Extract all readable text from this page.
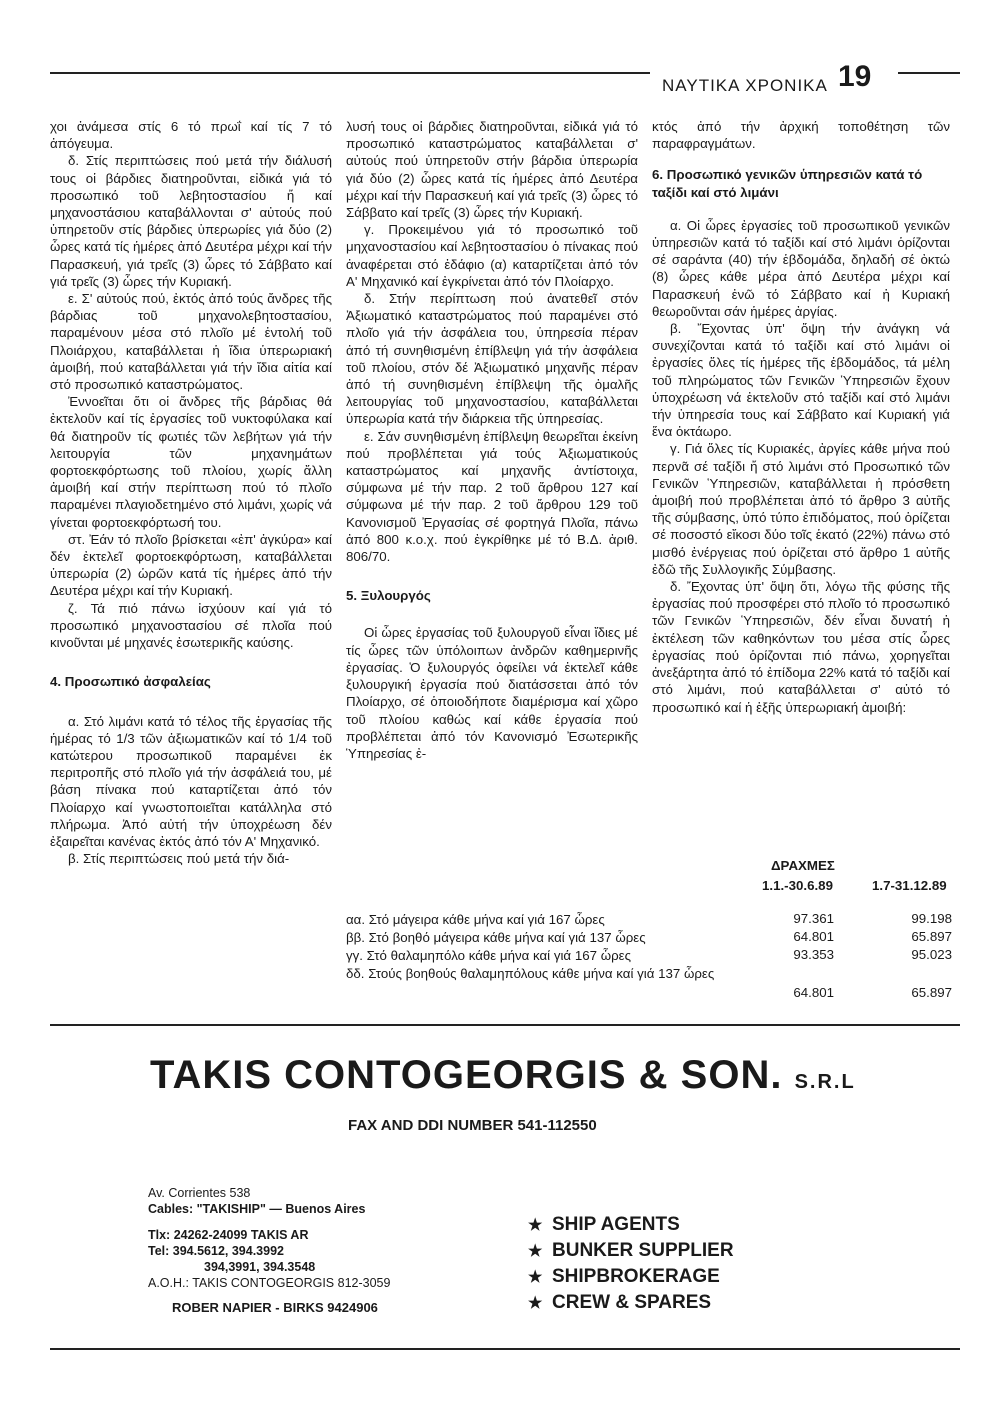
ΝΑΥΤΙΚΑ ΧΡΟΝΙΚΑ 19

χοι ἀνάμεσα στίς 6 τό πρωΐ καί τίς 7 τό ἀπόγευμα.

δ. Στίς περιπτώσεις πού μετά τήν διάλυσή τους οἱ βάρδιες διατηροῦνται, εἰδικά γιά τό προσωπικό τοῦ λεβητοστασίου ἤ καί μηχανοστάσιου καταβάλλονται σ' αὐτούς πού ὑπηρετοῦν στίς βάρδιες ὑπερωρίες γιά δύο (2) ὧρες κατά τίς ἡμέρες ἀπό Δευτέρα μέχρι καί τήν Παρασκευή, γιά τρεῖς (3) ὧρες τό Σάββατο καί γιά τρεῖς (3) ὧρες τήν Κυριακή.

ε. Σ' αὐτούς πού, ἐκτός ἀπό τούς ἄνδρες τῆς βάρδιας τοῦ μηχανολεβητοστασίου, παραμένουν μέσα στό πλοῖο μέ ἐντολή τοῦ Πλοιάρχου, καταβάλλεται ἡ ἴδια ὑπερωριακή ἀμοιβή, πού καταβάλλεται γιά τήν ἴδια αἰτία καί στό προσωπικό καταστρώματος.

Ἐννοεῖται ὅτι οἱ ἄνδρες τῆς βάρδιας θά ἐκτελοῦν καί τίς ἐργασίες τοῦ νυκτοφύλακα καί θά διατηροῦν τίς φωτιές τῶν λεβήτων γιά τήν λειτουργία τῶν μηχανημάτων φορτοεκφόρτωσης τοῦ πλοίου, χωρίς ἄλλη ἀμοιβή καί στήν περίπτωση πού τό πλοῖο παραμένει πλαγιοδετημένο στό λιμάνι, χωρίς νά γίνεται φορτοεκφόρτωσή του.

στ. Ἐάν τό πλοῖο βρίσκεται «ἐπ' ἀγκύρα» καί δέν ἐκτελεῖ φορτοεκφόρτωση, καταβάλλεται ὑπερωρία (2) ὡρῶν κατά τίς ἡμέρες ἀπό τήν Δευτέρα μέχρι καί τήν Κυριακή.

ζ. Τά πιό πάνω ἰσχύουν καί γιά τό προσωπικό μηχανοστασίου σέ πλοῖα πού κινοῦνται μέ μηχανές ἐσωτερικῆς καύσης.

4. Προσωπικό ἀσφαλείας

α. Στό λιμάνι κατά τό τέλος τῆς ἐργασίας τῆς ἡμέρας τό 1/3 τῶν ἀξιωματικῶν καί τό 1/4 τοῦ κατώτερου προσωπικοῦ παραμένει ἐκ περιτροπῆς στό πλοῖο γιά τήν ἀσφάλειά του, μέ βάση πίνακα πού καταρτίζεται ἀπό τόν Πλοίαρχο καί γνωστοποιεῖται κατάλληλα στό πλήρωμα. Ἀπό αὐτή τήν ὑποχρέωση δέν ἐξαιρεῖται κανένας ἐκτός ἀπό τόν Α' Μηχανικό.

β. Στίς περιπτώσεις πού μετά τήν διά-

λυσή τους οἱ βάρδιες διατηροῦνται, εἰδικά γιά τό προσωπικό καταστρώματος καταβάλλεται σ' αὐτούς πού ὑπηρετοῦν στήν βάρδια ὑπερωρία γιά δύο (2) ὧρες κατά τίς ἡμέρες ἀπό Δευτέρα μέχρι καί τήν Παρασκευή καί γιά τρεῖς (3) ὧρες τό Σάββατο καί τρεῖς (3) ὧρες τήν Κυριακή.

γ. Προκειμένου γιά τό προσωπικό τοῦ μηχανοστασίου καί λεβητοστασίου ὁ πίνακας πού ἀναφέρεται στό ἐδάφιο (α) καταρτίζεται ἀπό τόν Α' Μηχανικό καί ἐγκρίνεται ἀπό τόν Πλοίαρχο.

δ. Στήν περίπτωση πού ἀνατεθεῖ στόν Ἀξιωματικό καταστρώματος πού παραμένει στό πλοῖο γιά τήν ἀσφάλεια του, ὑπηρεσία πέραν ἀπό τή συνηθισμένη ἐπίβλεψη γιά τήν ἀσφάλεια τοῦ πλοίου, στόν δέ Ἀξιωματικό μηχανῆς πέραν ἀπό τή συνηθισμένη ἐπίβλεψη τῆς ὁμαλῆς λειτουργίας τοῦ μηχανοστασίου, καταβάλλεται ὑπερωρία κατά τήν διάρκεια τῆς ὑπηρεσίας.

ε. Σάν συνηθισμένη ἐπίβλεψη θεωρεῖται ἐκείνη πού προβλέπεται γιά τούς Ἀξιωματικούς καταστρώματος καί μηχανῆς ἀντίστοιχα, σύμφωνα μέ τήν παρ. 2 τοῦ ἄρθρου 127 καί σύμφωνα μέ τήν παρ. 2 τοῦ ἄρθρου 129 τοῦ Κανονισμοῦ Ἐργασίας σέ φορτηγά Πλοῖα, πάνω ἀπό 800 κ.ο.χ. πού ἐγκρίθηκε μέ τό Β.Δ. ἀριθ. 806/70.

5. Ξυλουργός

Οἱ ὧρες ἐργασίας τοῦ ξυλουργοῦ εἶναι ἴδιες μέ τίς ὧρες τῶν ὑπόλοιπων ἀνδρῶν καθημερινῆς ἐργασίας. Ὁ ξυλουργός ὀφείλει νά ἐκτελεῖ κάθε ξυλουργική ἐργασία πού διατάσσεται ἀπό τόν Πλοίαρχο, σέ ὁποιοδήποτε διαμέρισμα καί χῶρο τοῦ πλοίου καθώς καί κάθε ἐργασία πού προβλέπεται ἀπό τόν Κανονισμό Ἐσωτερικῆς Ὑπηρεσίας ἐ-

κτός ἀπό τήν ἀρχική τοποθέτηση τῶν παραφραγμάτων.

6. Προσωπικό γενικῶν ὑπηρεσιῶν κατά τό ταξίδι καί στό λιμάνι

α. Οἱ ὧρες ἐργασίες τοῦ προσωπικοῦ γενικῶν ὑπηρεσιῶν κατά τό ταξίδι καί στό λιμάνι ὁρίζονται σέ σαράντα (40) τήν ἑβδομάδα, δηλαδή σέ ὀκτώ (8) ὧρες κάθε μέρα ἀπό Δευτέρα μέχρι καί Παρασκευή ἐνῶ τό Σάββατο καί ἡ Κυριακή θεωροῦνται σάν ἡμέρες ἀργίας.

β. Ἔχοντας ὑπ' ὄψη τήν ἀνάγκη νά συνεχίζονται κατά τό ταξίδι καί στό λιμάνι οἱ ἐργασίες ὅλες τίς ἡμέρες τῆς ἑβδομάδος, τά μέλη τοῦ πληρώματος τῶν Γενικῶν Ὑπηρεσιῶν ἔχουν ὑποχρέωση νά ἐκτελοῦν στό ταξίδι καί στό λιμάνι τήν ὑπηρεσία τους καί Σάββατο καί Κυριακή γιά ἕνα ὀκτάωρο.

γ. Γιά ὅλες τίς Κυριακές, ἀργίες κάθε μήνα πού περνᾶ σέ ταξίδι ἤ στό λιμάνι στό Προσωπικό τῶν Γενικῶν Ὑπηρεσιῶν, καταβάλλεται ἡ πρόσθετη ἀμοιβή πού προβλέπεται ἀπό τό ἄρθρο 3 αὐτῆς τῆς σύμβασης, ὑπό τύπο ἐπιδόματος, πού ὁρίζεται σέ ποσοστό εἴκοσι δύο τοῖς ἑκατό (22%) πάνω στό μισθό ἐνέργειας πού ὁρίζεται στό ἄρθρο 1 αὐτῆς ἐδῶ τῆς Συλλογικῆς Σύμβασης.

δ. Ἔχοντας ὑπ' ὄψη ὅτι, λόγω τῆς φύσης τῆς ἐργασίας πού προσφέρει στό πλοῖο τό προσωπικό τῶν Γενικῶν Ὑπηρεσιῶν, δέν εἶναι δυνατή ἡ ἐκτέλεση τῶν καθηκόντων του μέσα στίς ὧρες ἐργασίας πού ὁρίζονται πιό πάνω, χορηγεῖται ἀνεξάρτητα ἀπό τό ἐπίδομα 22% κατά τό ταξίδι καί στό λιμάνι, πού καταβάλλεται σ' αὐτό τό προσωπικό καί ἡ ἑξῆς ὑπερωριακή ἀμοιβή:

ΔΡΑΧΜΕΣ
1.1.-30.6.89	1.7-31.12.89
αα. Στό μάγειρα κάθε μήνα καί γιά 167 ὧρες	97.361	99.198
ββ. Στό βοηθό μάγειρα κάθε μήνα καί γιά 137 ὧρες	64.801	65.897
γγ. Στό θαλαμηπόλο κάθε μήνα καί γιά 167 ὧρες	93.353	95.023
δδ. Στούς βοηθούς θαλαμηπόλους κάθε μήνα καί γιά 137 ὧρες
64.801	65.897
TAKIS CONTOGEORGIS & SON. S.R.L
FAX AND DDI NUMBER 541-112550
Av. Corrientes 538
Cables: "TAKISHIP" — Buenos Aires
Tlx: 24262-24099 TAKIS AR
Tel: 394.5612, 394.3992
394,3991, 394.3548
A.O.H.: TAKIS CONTOGEORGIS 812-3059
ROBER NAPIER - BIRKS 9424906
★ SHIP AGENTS
★ BUNKER SUPPLIER
★ SHIPBROKERAGE
★ CREW & SPARES
